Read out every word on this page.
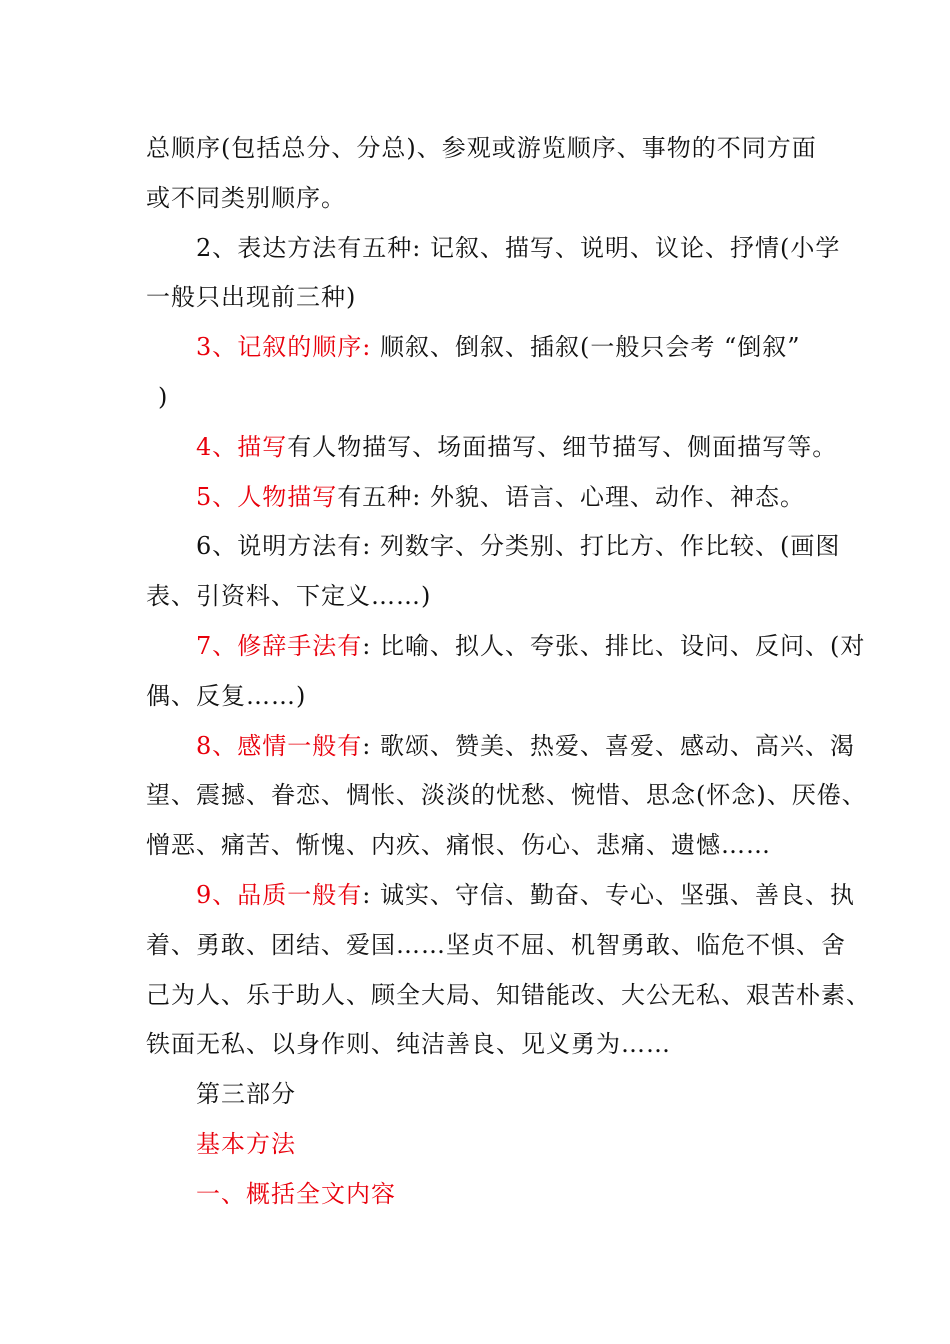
总顺序(包括总分、分总)、参观或游览顺序、事物的不同方面
或不同类别顺序。
2、表达方法有五种: 记叙、描写、说明、议论、抒情(小学
一般只出现前三种)
3、记叙的顺序: 顺叙、倒叙、插叙(一般只会考 “倒叙”
)
4、描写有人物描写、场面描写、细节描写、侧面描写等。
5、人物描写有五种: 外貌、语言、心理、动作、神态。
6、说明方法有: 列数字、分类别、打比方、作比较、(画图
表、引资料、下定义……)
7、修辞手法有: 比喻、拟人、夸张、排比、设问、反问、(对
偶、反复……)
8、感情一般有: 歌颂、赞美、热爱、喜爱、感动、高兴、渴
望、震撼、眷恋、惆怅、淡淡的忧愁、惋惜、思念(怀念)、厌倦、
憎恶、痛苦、惭愧、内疚、痛恨、伤心、悲痛、遗憾……
9、品质一般有: 诚实、守信、勤奋、专心、坚强、善良、执
着、勇敢、团结、爱国……坚贞不屈、机智勇敢、临危不惧、舍
己为人、乐于助人、顾全大局、知错能改、大公无私、艰苦朴素、
铁面无私、以身作则、纯洁善良、见义勇为……
第三部分
基本方法
一、概括全文内容
